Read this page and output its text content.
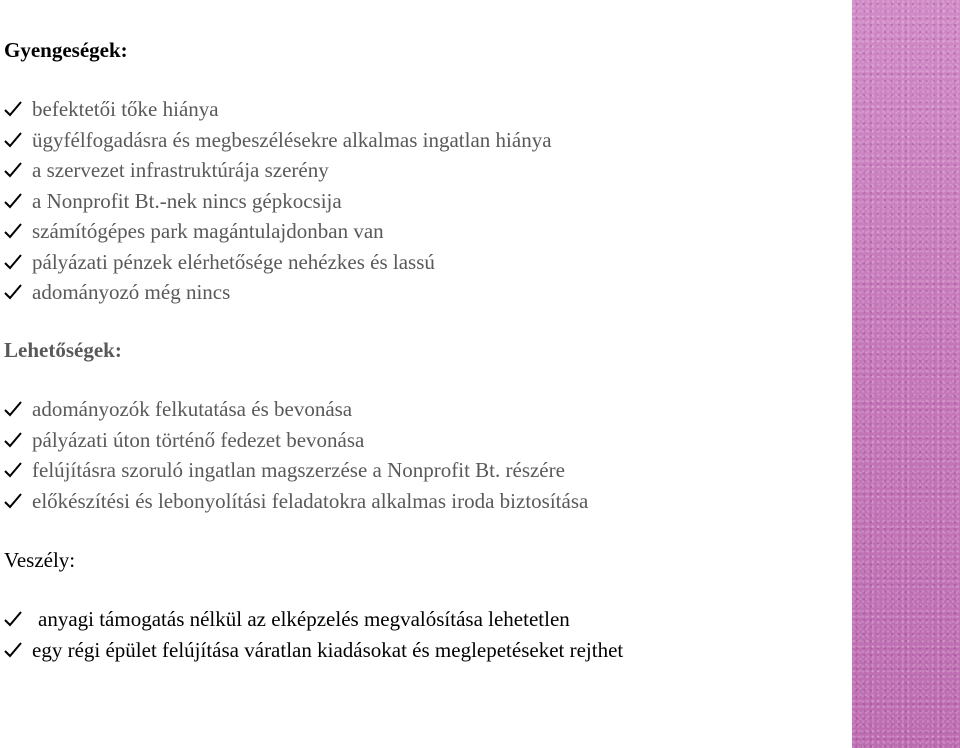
Gyengeségek:
befektetői tőke hiánya
ügyfélfogadásra és megbeszélésekre alkalmas ingatlan hiánya
a szervezet infrastruktúrája szerény
a Nonprofit Bt.-nek nincs gépkocsija
számítógépes park magántulajdonban van
pályázati pénzek elérhetősége nehézkes és lassú
adományozó még nincs
Lehetőségek:
adományozók felkutatása és bevonása
pályázati úton történő fedezet bevonása
felújításra szoruló ingatlan magszerzése a Nonprofit Bt. részére
előkészítési és lebonyolítási feladatokra alkalmas iroda biztosítása
Veszély:
anyagi támogatás nélkül az elképzelés megvalósítása lehetetlen
egy régi épület felújítása váratlan kiadásokat és meglepetéseket rejthet
